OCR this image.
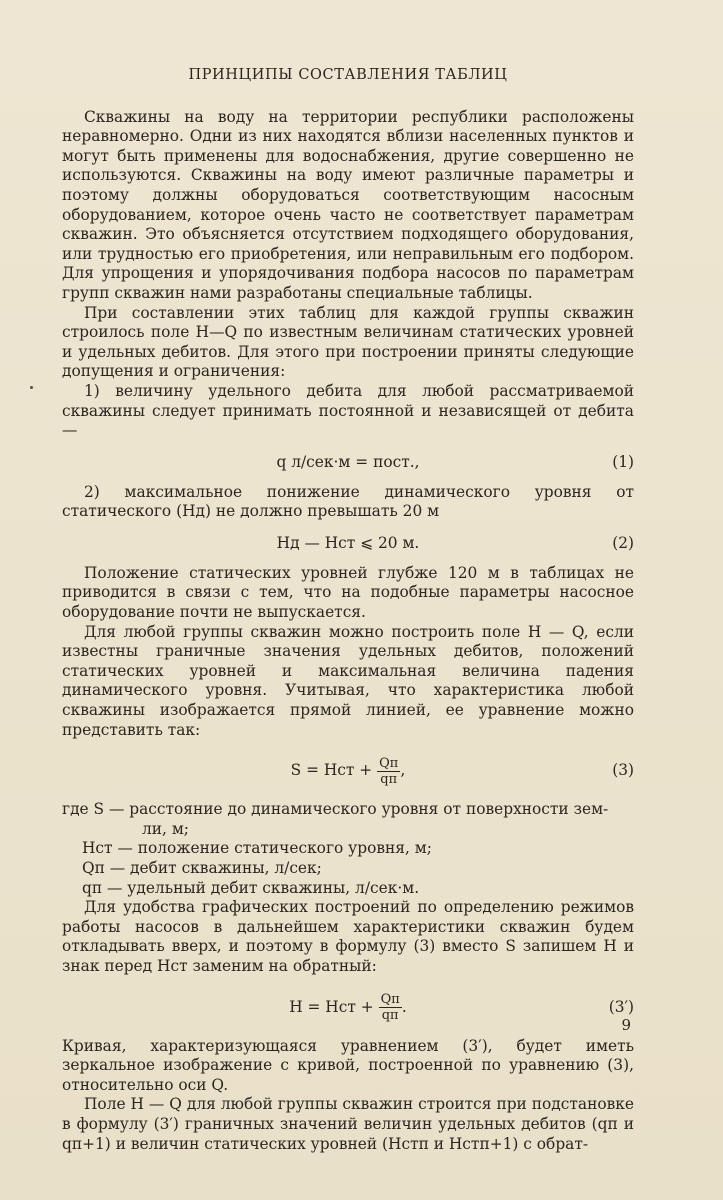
ПРИНЦИПЫ СОСТАВЛЕНИЯ ТАБЛИЦ

Скважины на воду на территории республики расположены неравномерно. Одни из них находятся вблизи населенных пунктов и могут быть применены для водоснабжения, другие совершенно не используются. Скважины на воду имеют различные параметры и поэтому должны оборудоваться соответствующим насосным оборудованием, которое очень часто не соответствует параметрам скважин. Это объясняется отсутствием подходящего оборудования, или трудностью его приобретения, или неправильным его подбором. Для упрощения и упорядочивания подбора насосов по параметрам групп скважин нами разработаны специальные таблицы.

При составлении этих таблиц для каждой группы скважин строилось поле H—Q по известным величинам статических уровней и удельных дебитов. Для этого при построении приняты следующие допущения и ограничения:

1) величину удельного дебита для любой рассматриваемой скважины следует принимать постоянной и независящей от дебита —

q л/сек·м = пост.,	(1)

2) максимальное понижение динамического уровня от статического (Hд) не должно превышать 20 м

Hд — Hст ⩽ 20 м.	(2)

Положение статических уровней глубже 120 м в таблицах не приводится в связи с тем, что на подобные параметры насосное оборудование почти не выпускается.

Для любой группы скважин можно построить поле H — Q, если известны граничные значения удельных дебитов, положений статических уровней и максимальная величина падения динамического уровня. Учитывая, что характеристика любой скважины изображается прямой линией, ее уравнение можно представить так:

S = Hст + $\frac{Qп}{qп}$ ,	(3)
где S — расстояние до динамического уровня от поверхности зем-
ли, м;
Hст — положение статического уровня, м;
Qп — дебит скважины, л/сек;
qп — удельный дебит скважины, л/сек·м.

Для удобства графических построений по определению режимов работы насосов в дальнейшем характеристики скважин будем откладывать вверх, и поэтому в формулу (3) вместо S запишем H и знак перед Hст заменим на обратный:

H = Hст + $\frac{Qп}{qп}$ .	(3′)

Кривая, характеризующаяся уравнением (3′), будет иметь зеркальное изображение с кривой, построенной по уравнению (3), относительно оси Q.

Поле H — Q для любой группы скважин строится при подстановке в формулу (3′) граничных значений величин удельных дебитов (qп и qп+1) и величин статических уровней (Hстп и Hстп+1) с обрат-

9
